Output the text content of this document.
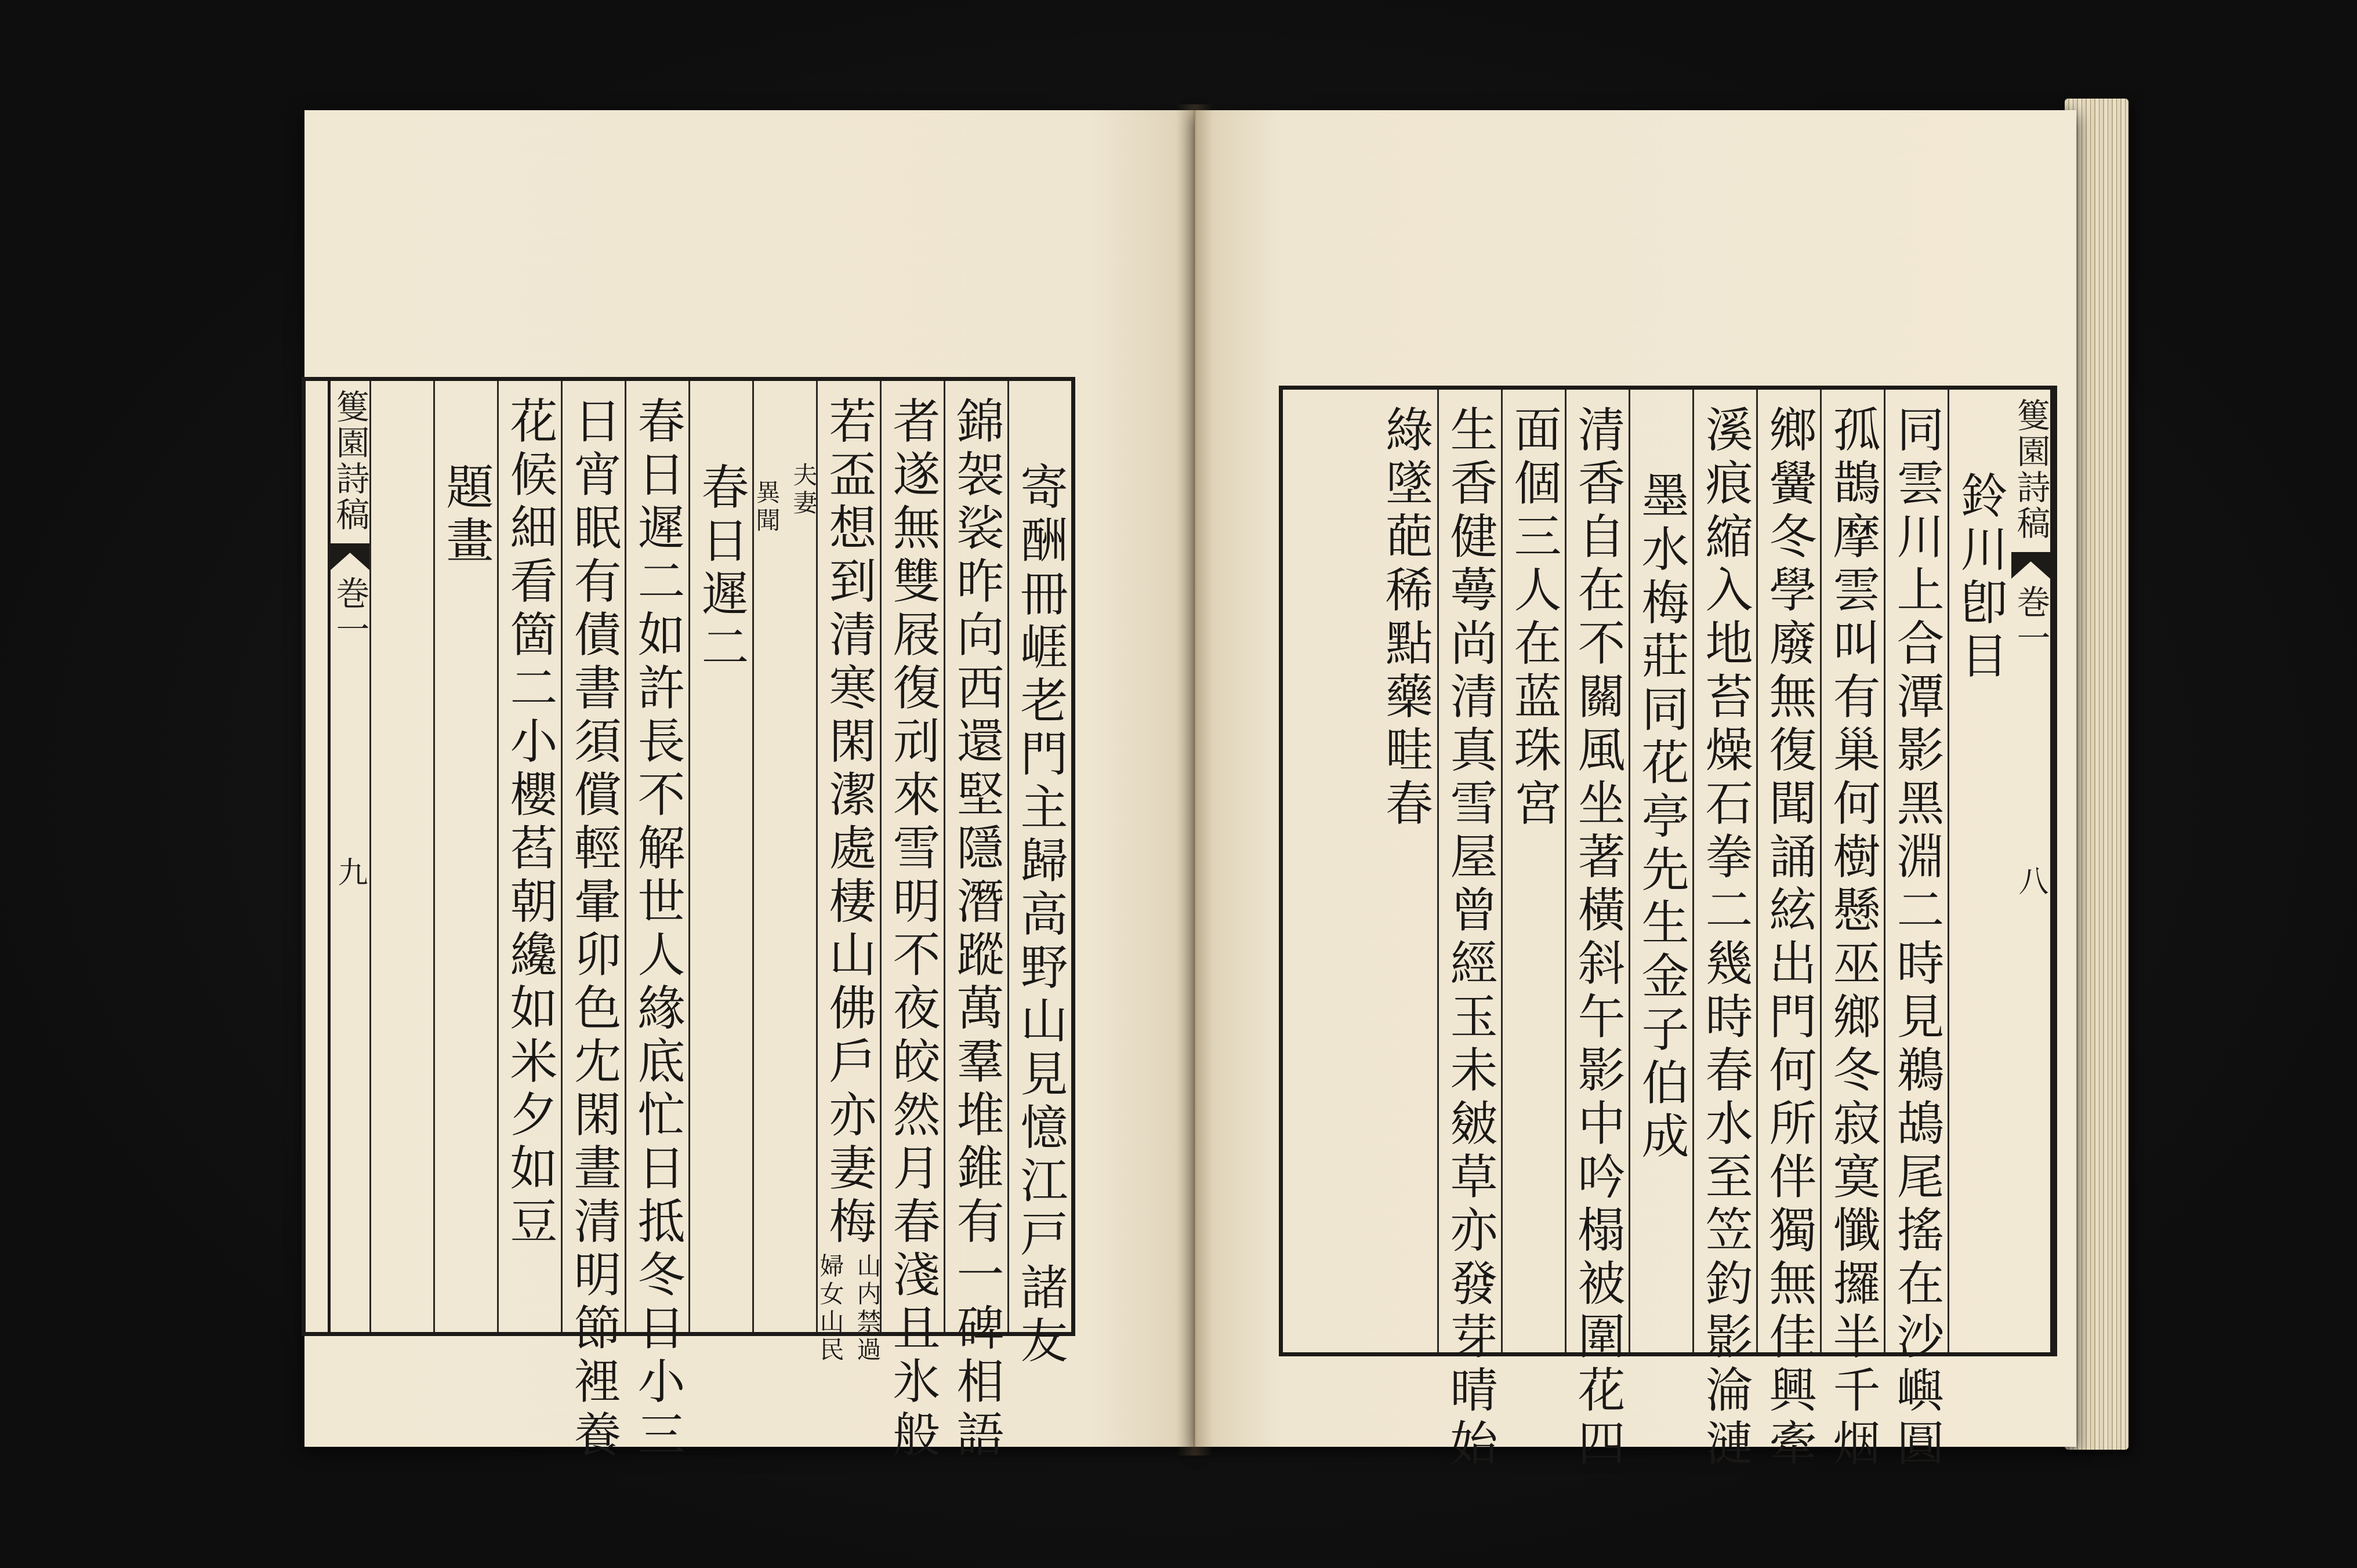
寄酬冊崕老門主歸高野山見憶江戸諸友
錦袈裟昨向西還堅隱潛蹤萬羣堆錐有一碑相語
者遂無雙屐復刓來雪明不夜皎然月春淺且氷般
若盃想到清寒閑潔處棲山佛戶亦妻梅
山内禁過
婦女山民
夫妻
異聞
春日遲二
春日遲二如許長不解世人緣底忙日抵冬日小三
日宵眠有債書須償輕暈卯色冘閑晝清明節裡養
花候細看箇二小櫻萏朝纔如米夕如豆
題畫
篗園詩稿
巻一
九
篗園詩稿
巻一
八
鈴川卽目
同雲川上合潭影黑淵二時見鵜鴣尾搖在沙嶼圓
孤鵲摩雲叫有巢何樹懸巫鄉冬寂寞懺攞半千烟
鄉黌冬學廢無復聞誦絃出門何所伴獨無佳興牽
溪痕縮入地苔燥石拳二幾時春水至笠釣影淪漣
墨水梅莊同花亭先生金子伯成
清香自在不關風坐著橫斜午影中吟榻被圍花四
面個三人在蓝珠宮
生香健蕚尚清真雪屋曾經玉未皴草亦發芽晴始
綠墜葩稀點藥畦春
